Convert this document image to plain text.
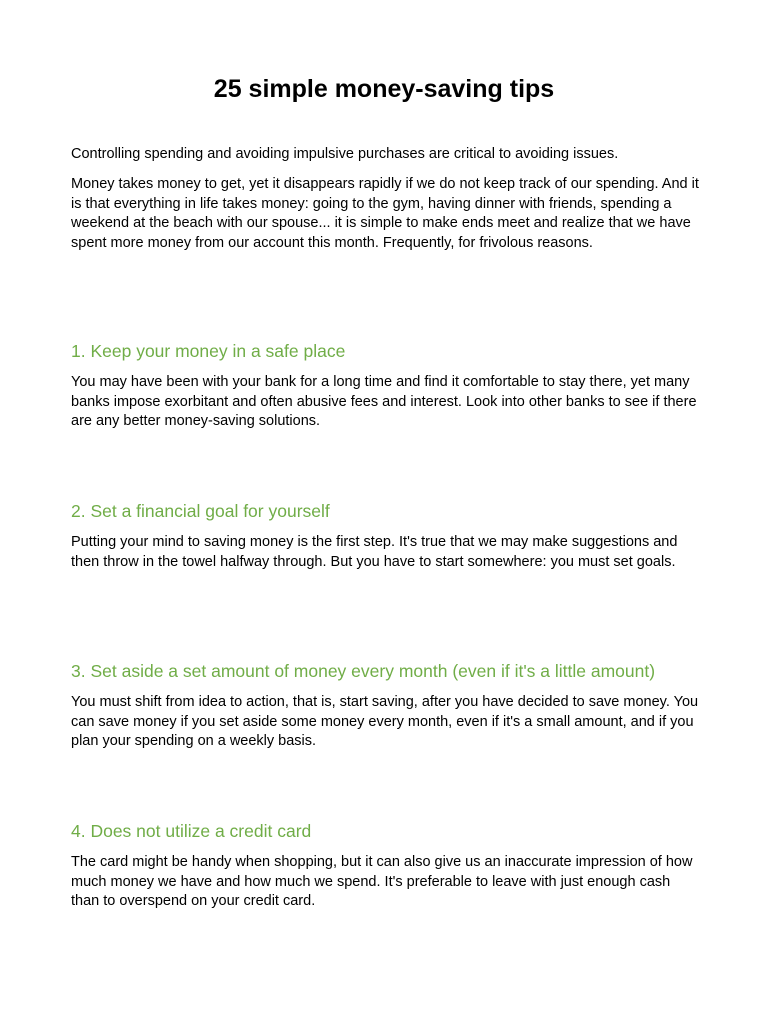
25 simple money-saving tips

Controlling spending and avoiding impulsive purchases are critical to avoiding issues.

Money takes money to get, yet it disappears rapidly if we do not keep track of our spending. And it is that everything in life takes money: going to the gym, having dinner with friends, spending a weekend at the beach with our spouse... it is simple to make ends meet and realize that we have spent more money from our account this month. Frequently, for frivolous reasons.

1. Keep your money in a safe place

You may have been with your bank for a long time and find it comfortable to stay there, yet many banks impose exorbitant and often abusive fees and interest. Look into other banks to see if there are any better money-saving solutions.

2. Set a financial goal for yourself

Putting your mind to saving money is the first step. It's true that we may make suggestions and then throw in the towel halfway through. But you have to start somewhere: you must set goals.

3. Set aside a set amount of money every month (even if it's a little amount)

You must shift from idea to action, that is, start saving, after you have decided to save money. You can save money if you set aside some money every month, even if it's a small amount, and if you plan your spending on a weekly basis.

4. Does not utilize a credit card

The card might be handy when shopping, but it can also give us an inaccurate impression of how much money we have and how much we spend. It's preferable to leave with just enough cash than to overspend on your credit card.
